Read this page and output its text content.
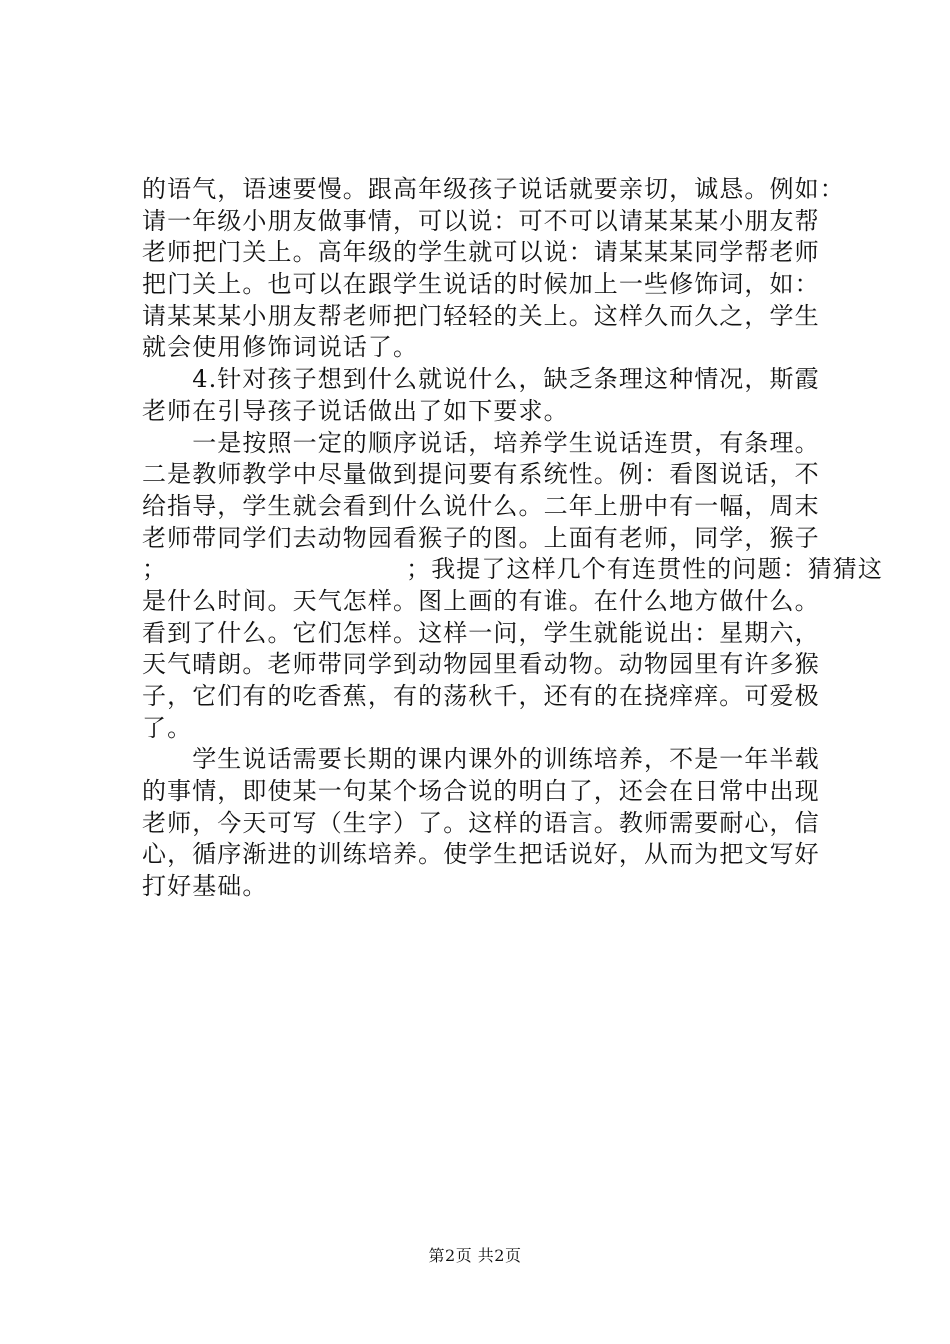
的语气，语速要慢。跟高年级孩子说话就要亲切，诚恳。例如：
请一年级小朋友做事情，可以说：可不可以请某某某小朋友帮
老师把门关上。高年级的学生就可以说：请某某某同学帮老师
把门关上。也可以在跟学生说话的时候加上一些修饰词，如：
请某某某小朋友帮老师把门轻轻的关上。这样久而久之，学生
就会使用修饰词说话了。
　　4.针对孩子想到什么就说什么，缺乏条理这种情况，斯霞
老师在引导孩子说话做出了如下要求。
　　一是按照一定的顺序说话，培养学生说话连贯，有条理。
二是教师教学中尽量做到提问要有系统性。例：看图说话，不
给指导，学生就会看到什么说什么。二年上册中有一幅，周末
老师带同学们去动物园看猴子的图。上面有老师，同学，猴子
；　　　　　　　　　　；我提了这样几个有连贯性的问题：猜猜这
是什么时间。天气怎样。图上画的有谁。在什么地方做什么。
看到了什么。它们怎样。这样一问，学生就能说出：星期六，
天气晴朗。老师带同学到动物园里看动物。动物园里有许多猴
子，它们有的吃香蕉，有的荡秋千，还有的在挠痒痒。可爱极
了。
　　学生说话需要长期的课内课外的训练培养，不是一年半载
的事情，即使某一句某个场合说的明白了，还会在日常中出现
老师，今天可写（生字）了。这样的语言。教师需要耐心，信
心，循序渐进的训练培养。使学生把话说好，从而为把文写好
打好基础。
第2页 共2页
